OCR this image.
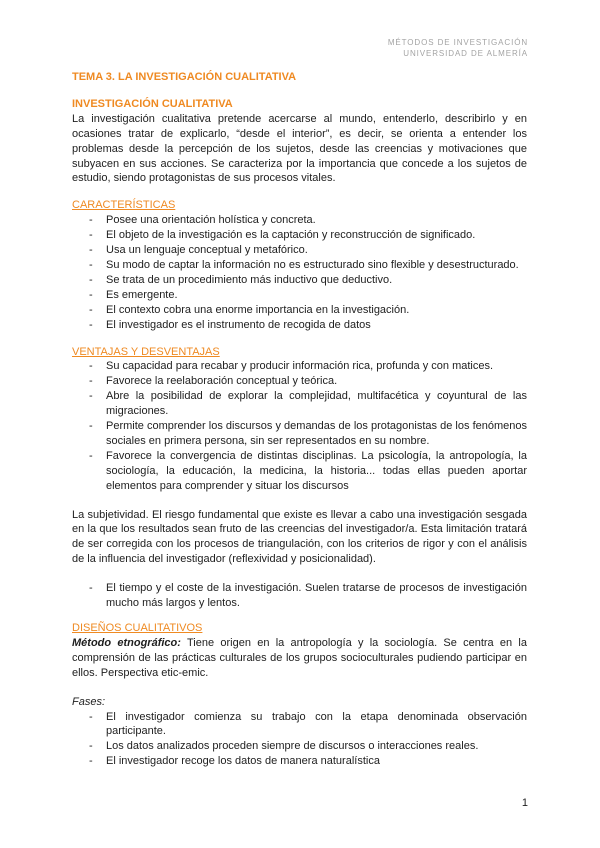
MÉTODOS DE INVESTIGACIÓN
UNIVERSIDAD DE ALMERÍA
TEMA 3. LA INVESTIGACIÓN CUALITATIVA
INVESTIGACIÓN CUALITATIVA

La investigación cualitativa pretende acercarse al mundo, entenderlo, describirlo y en ocasiones tratar de explicarlo, “desde el interior”, es decir, se orienta a entender los problemas desde la percepción de los sujetos, desde las creencias y motivaciones que subyacen en sus acciones. Se caracteriza por la importancia que concede a los sujetos de estudio, siendo protagonistas de sus procesos vitales.

CARACTERÍSTICAS
- Posee una orientación holística y concreta.
- El objeto de la investigación es la captación y reconstrucción de significado.
- Usa un lenguaje conceptual y metafórico.
- Su modo de captar la información no es estructurado sino flexible y desestructurado.
- Se trata de un procedimiento más inductivo que deductivo.
- Es emergente.
- El contexto cobra una enorme importancia en la investigación.
- El investigador es el instrumento de recogida de datos
VENTAJAS Y DESVENTAJAS
- Su capacidad para recabar y producir información rica, profunda y con matices.
- Favorece la reelaboración conceptual y teórica.
- Abre la posibilidad de explorar la complejidad, multifacética y coyuntural de las migraciones.
- Permite comprender los discursos y demandas de los protagonistas de los fenómenos sociales en primera persona, sin ser representados en su nombre.
- Favorece la convergencia de distintas disciplinas. La psicología, la antropología, la sociología, la educación, la medicina, la historia... todas ellas pueden aportar elementos para comprender y situar los discursos

La subjetividad. El riesgo fundamental que existe es llevar a cabo una investigación sesgada en la que los resultados sean fruto de las creencias del investigador/a. Esta limitación tratará de ser corregida con los procesos de triangulación, con los criterios de rigor y con el análisis de la influencia del investigador (reflexividad y posicionalidad).

- El tiempo y el coste de la investigación. Suelen tratarse de procesos de investigación mucho más largos y lentos.
DISEÑOS CUALITATIVOS

Método etnográfico: Tiene origen en la antropología y la sociología. Se centra en la comprensión de las prácticas culturales de los grupos socioculturales pudiendo participar en ellos. Perspectiva etic-emic.

Fases:
- El investigador comienza su trabajo con la etapa denominada observación participante.
- Los datos analizados proceden siempre de discursos o interacciones reales.
- El investigador recoge los datos de manera naturalística
1
